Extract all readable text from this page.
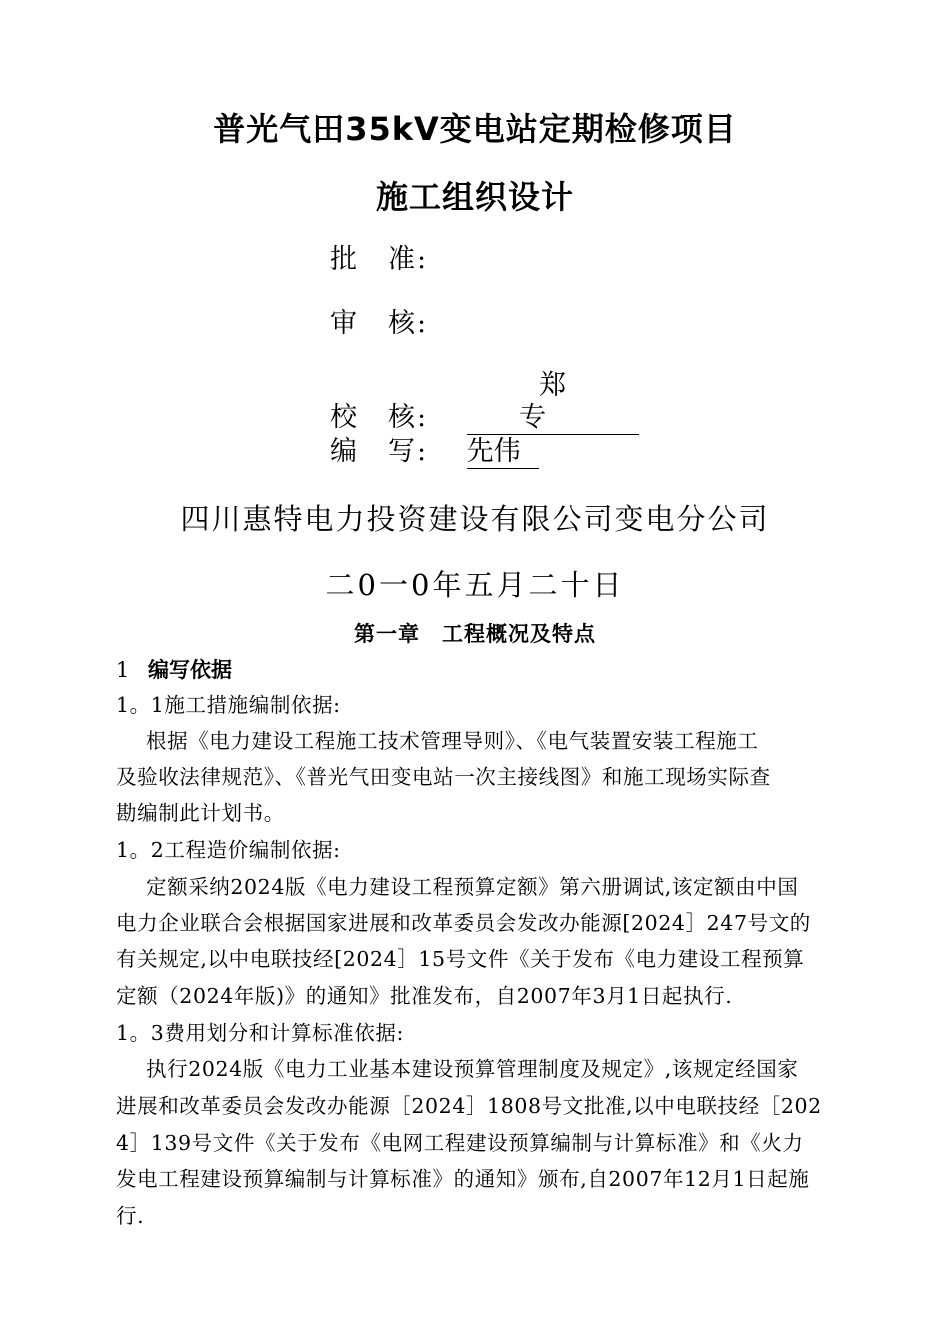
普光气田35kV变电站定期检修项目
施工组织设计
批　准:
审　核:
校　核: 郑专
编　写: 先伟
四川惠特电力投资建设有限公司变电分公司
二0一0年五月二十日
第一章　工程概况及特点
1 编写依据
1。1施工措施编制依据:
根据《电力建设工程施工技术管理导则》、《电气装置安装工程施工
及验收法律规范》、《普光气田变电站一次主接线图》和施工现场实际查
勘编制此计划书。
1。2工程造价编制依据:
定额采纳2024版《电力建设工程预算定额》第六册调试,该定额由中国
电力企业联合会根据国家进展和改革委员会发改办能源[2024］247号文的
有关规定,以中电联技经[2024］15号文件《关于发布《电力建设工程预算
定额（2024年版)》的通知》批准发布，自2007年3月1日起执行.
1。3费用划分和计算标准依据:
执行2024版《电力工业基本建设预算管理制度及规定》,该规定经国家
进展和改革委员会发改办能源［2024］1808号文批准,以中电联技经［202
4］139号文件《关于发布《电网工程建设预算编制与计算标准》和《火力
发电工程建设预算编制与计算标准》的通知》颁布,自2007年12月1日起施
行.
